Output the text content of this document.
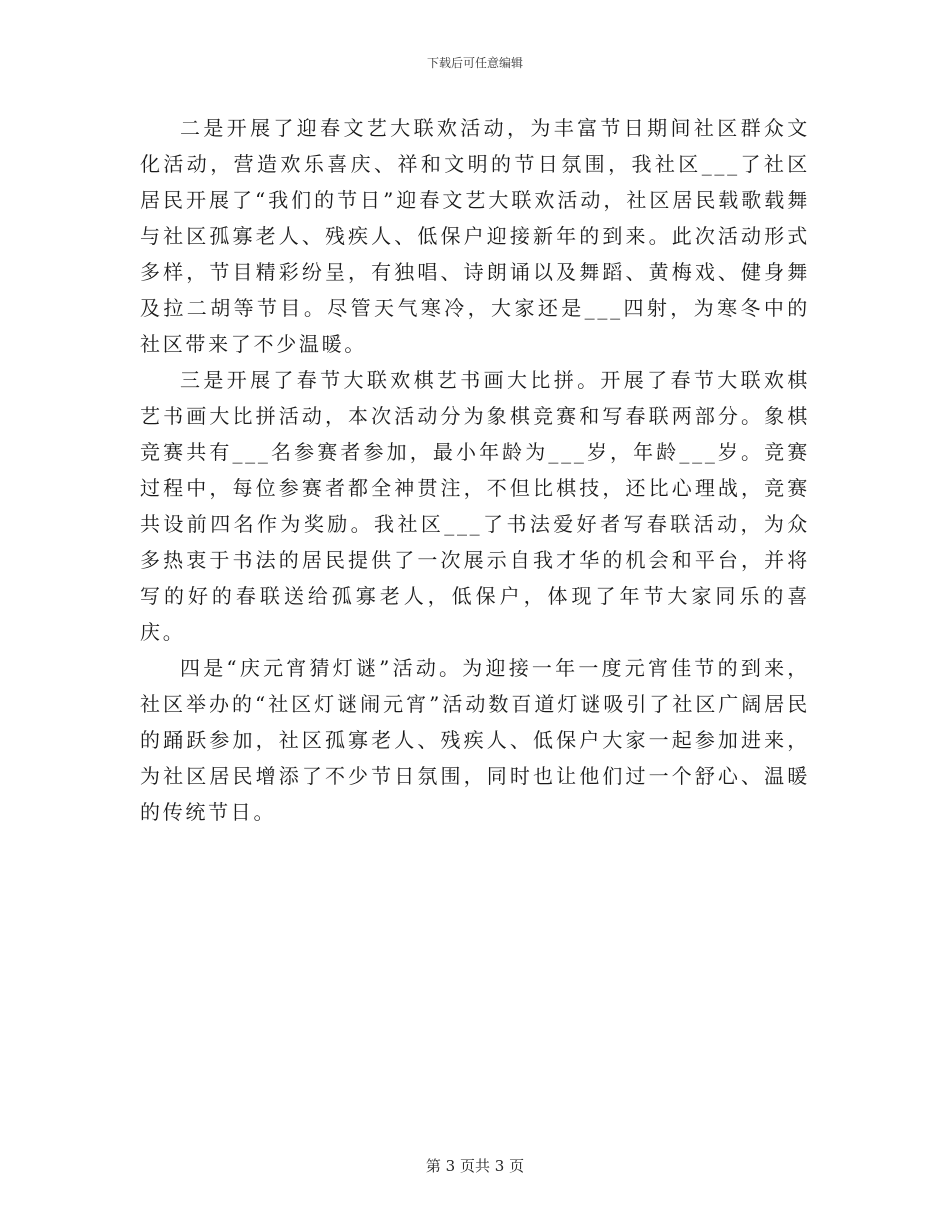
下载后可任意编辑

二是开展了迎春文艺大联欢活动，为丰富节日期间社区群众文化活动，营造欢乐喜庆、祥和文明的节日氛围，我社区___了社区居民开展了“我们的节日”迎春文艺大联欢活动，社区居民载歌载舞与社区孤寡老人、残疾人、低保户迎接新年的到来。此次活动形式多样，节目精彩纷呈，有独唱、诗朗诵以及舞蹈、黄梅戏、健身舞及拉二胡等节目。尽管天气寒冷，大家还是___四射，为寒冬中的社区带来了不少温暖。

三是开展了春节大联欢棋艺书画大比拼。开展了春节大联欢棋艺书画大比拼活动，本次活动分为象棋竞赛和写春联两部分。象棋竞赛共有___名参赛者参加，最小年龄为___岁，年龄___岁。竞赛过程中，每位参赛者都全神贯注，不但比棋技，还比心理战，竞赛共设前四名作为奖励。我社区___了书法爱好者写春联活动，为众多热衷于书法的居民提供了一次展示自我才华的机会和平台，并将写的好的春联送给孤寡老人，低保户，体现了年节大家同乐的喜庆。

四是“庆元宵猜灯谜”活动。为迎接一年一度元宵佳节的到来，社区举办的“社区灯谜闹元宵”活动数百道灯谜吸引了社区广阔居民的踊跃参加，社区孤寡老人、残疾人、低保户大家一起参加进来，为社区居民增添了不少节日氛围，同时也让他们过一个舒心、温暖的传统节日。

第 3 页共 3 页
